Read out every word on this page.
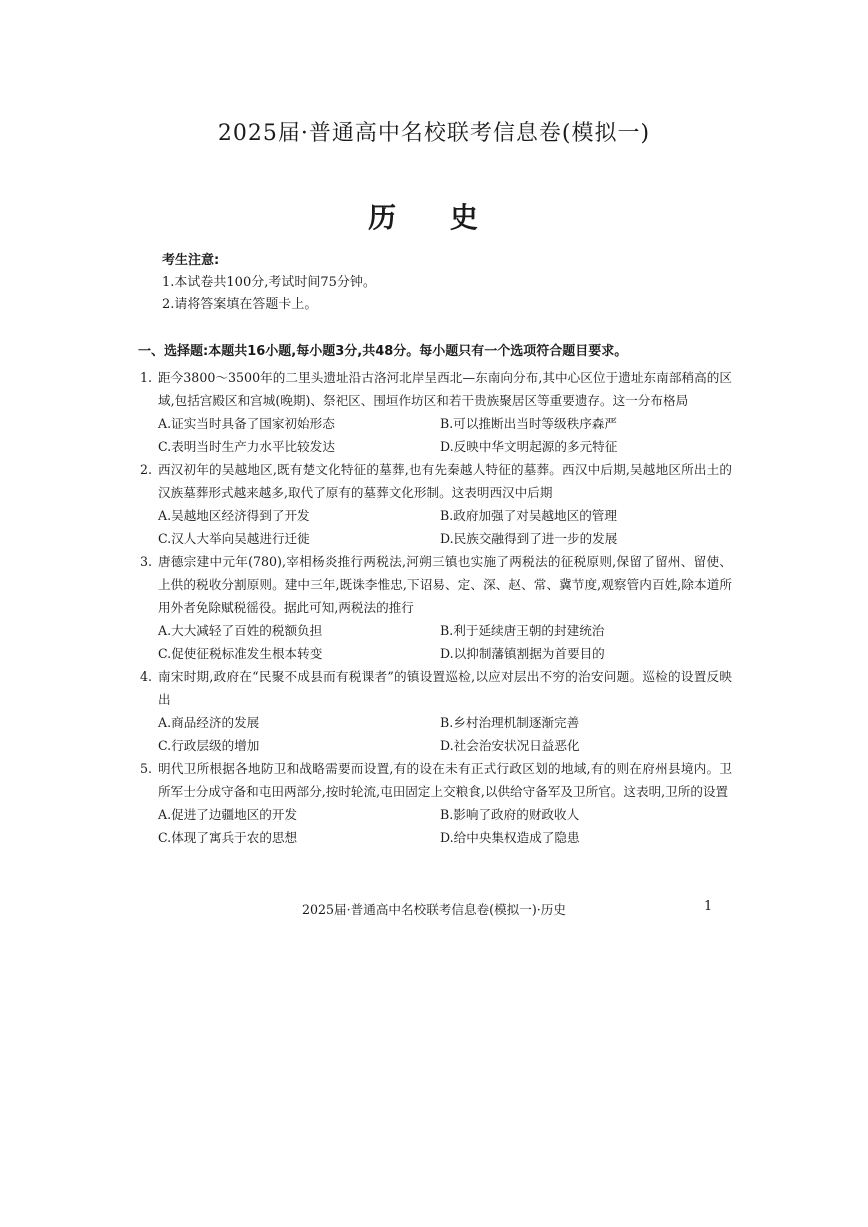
2025届·普通高中名校联考信息卷(模拟一)
历 史
考生注意:
1.本试卷共100分,考试时间75分钟。
2.请将答案填在答题卡上。
一、选择题:本题共16小题,每小题3分,共48分。每小题只有一个选项符合题目要求。
1. 距今3800～3500年的二里头遗址沿古洛河北岸呈西北—东南向分布,其中心区位于遗址东南部稍高的区域,包括宫殿区和宫城(晚期)、祭祀区、围垣作坊区和若干贵族聚居区等重要遗存。这一分布格局
A.证实当时具备了国家初始形态	B.可以推断出当时等级秩序森严
C.表明当时生产力水平比较发达	D.反映中华文明起源的多元特征
2. 西汉初年的吴越地区,既有楚文化特征的墓葬,也有先秦越人特征的墓葬。西汉中后期,吴越地区所出土的汉族墓葬形式越来越多,取代了原有的墓葬文化形制。这表明西汉中后期
A.吴越地区经济得到了开发	B.政府加强了对吴越地区的管理
C.汉人大举向吴越进行迁徙	D.民族交融得到了进一步的发展
3. 唐德宗建中元年(780),宰相杨炎推行两税法,河朔三镇也实施了两税法的征税原则,保留了留州、留使、上供的税收分割原则。建中三年,既诛李惟忠,下诏易、定、深、赵、常、冀节度,观察管内百姓,除本道所用外者免除赋税徭役。据此可知,两税法的推行
A.大大减轻了百姓的税额负担	B.利于延续唐王朝的封建统治
C.促使征税标准发生根本转变	D.以抑制藩镇割据为首要目的
4. 南宋时期,政府在“民聚不成县而有税课者”的镇设置巡检,以应对层出不穷的治安问题。巡检的设置反映出
A.商品经济的发展	B.乡村治理机制逐渐完善
C.行政层级的增加	D.社会治安状况日益恶化
5. 明代卫所根据各地防卫和战略需要而设置,有的设在未有正式行政区划的地域,有的则在府州县境内。卫所军士分成守备和屯田两部分,按时轮流,屯田固定上交粮食,以供给守备军及卫所官。这表明,卫所的设置
A.促进了边疆地区的开发	B.影响了政府的财政收人
C.体现了寓兵于农的思想	D.给中央集权造成了隐患
2025届·普通高中名校联考信息卷(模拟一)·历史	1
